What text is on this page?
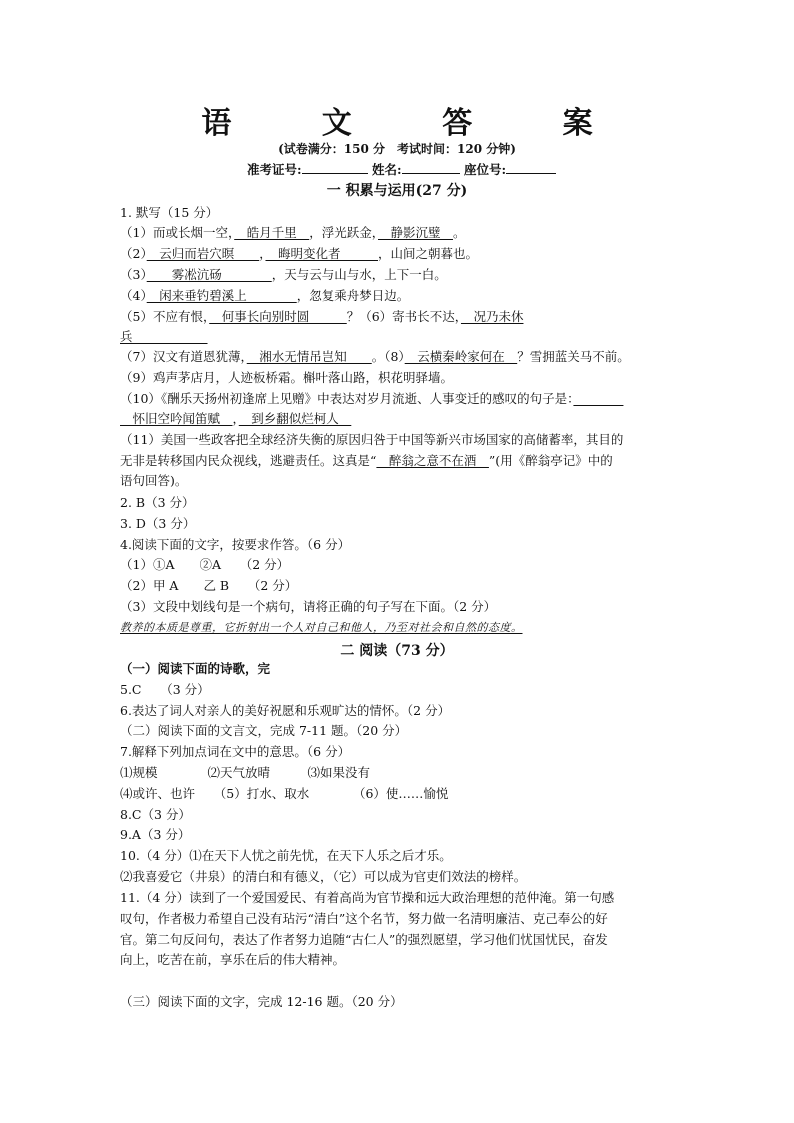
语 文 答 案
(试卷满分：150 分　考试时间：120 分钟)
准考证号:	姓名:	座位号:
一 积累与运用(27 分)
1. 默写（15 分）
（1）而或长烟一空，　皓月千里　，浮光跃金，　静影沉璧　。
（2）　云归而岩穴暝　　，　晦明变化者　　　，山间之朝暮也。
（3）　　雾凇沆砀　　　　，天与云与山与水，上下一白。
（4）　闲来垂钓碧溪上　　　　，忽复乘舟梦日边。
（5）不应有恨，　何事长向别时圆　　　？（6）寄书长不达，　况乃未休
兵　　　　　　
（7）汉文有道恩犹薄，　湘水无情吊岂知　　。（8）　云横秦岭家何在　？雪拥蓝关马不前。
（9）鸡声茅店月，人迹板桥霜。槲叶落山路，枳花明驿墙。
（10）《酬乐天扬州初逢席上见赠》中表达对岁月流逝、人事变迁的感叹的句子是：　　　　
　怀旧空吟闻笛赋　，　到乡翻似烂柯人　
（11）美国一些政客把全球经济失衡的原因归咎于中国等新兴市场国家的高储蓄率，其目的
无非是转移国内民众视线，逃避责任。这真是“　醉翁之意不在酒　”(用《醉翁亭记》中的
语句回答)。
2. B（3 分）
3. D（3 分）
4.阅读下面的文字，按要求作答。（6 分）
（1）①A　　②A　　（2 分）
（2）甲 A　　乙 B　　（2 分）
（3）文段中划线句是一个病句，请将正确的句子写在下面。（2 分）
教养的本质是尊重，它折射出一个人对自己和他人，乃至对社会和自然的态度。
二 阅读（73 分）
（一）阅读下面的诗歌，完
5.C　　（3 分）
6.表达了词人对亲人的美好祝愿和乐观旷达的情怀。（2 分）
（二）阅读下面的文言文，完成 7-11 题。（20 分）
7.解释下列加点词在文中的意思。（6 分）
⑴规模　　　　⑵天气放晴　　　⑶如果没有
⑷或许、也许　　（5）打水、取水　　　　（6）使……愉悦
8.C（3 分）
9.A（3 分）
10.（4 分）⑴在天下人忧之前先忧，在天下人乐之后才乐。
⑵我喜爱它（井泉）的清白和有德义，（它）可以成为官吏们效法的榜样。
11.（4 分）读到了一个爱国爱民、有着高尚为官节操和远大政治理想的范仲淹。第一句感
叹句，作者极力希望自己没有玷污“清白”这个名节，努力做一名清明廉洁、克己奉公的好
官。第二句反问句，表达了作者努力追随“古仁人”的强烈愿望，学习他们忧国忧民，奋发
向上，吃苦在前，享乐在后的伟大精神。
（三）阅读下面的文字，完成 12-16 题。（20 分）
